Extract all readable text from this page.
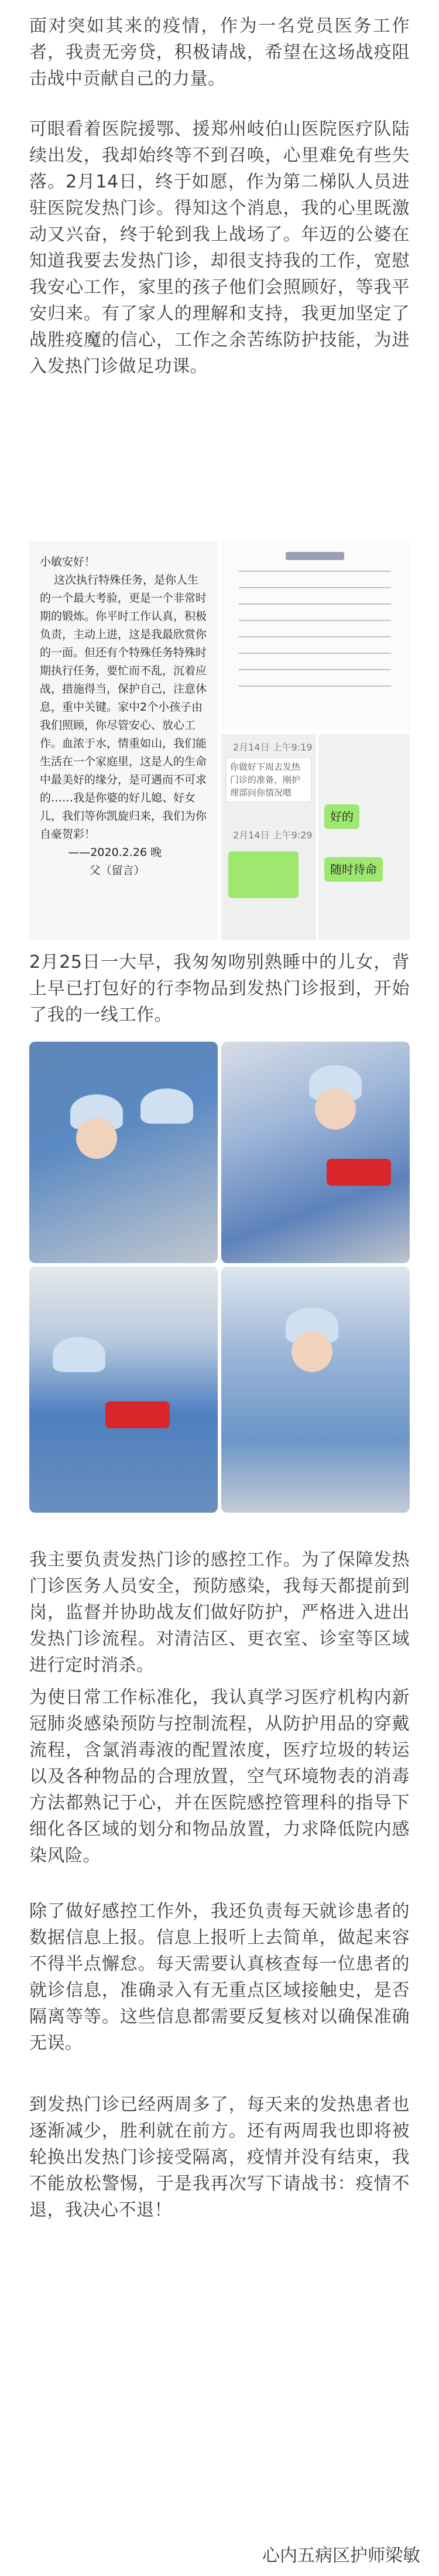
面对突如其来的疫情，作为一名党员医务工作者，我责无旁贷，积极请战，希望在这场战疫阻击战中贡献自己的力量。

可眼看着医院援鄂、援郑州岐伯山医院医疗队陆续出发，我却始终等不到召唤，心里难免有些失落。2月14日，终于如愿，作为第二梯队人员进驻医院发热门诊。得知这个消息，我的心里既激动又兴奋，终于轮到我上战场了。年迈的公婆在知道我要去发热门诊，却很支持我的工作，宽慰我安心工作，家里的孩子他们会照顾好，等我平安归来。有了家人的理解和支持，我更加坚定了战胜疫魔的信心，工作之余苦练防护技能，为进入发热门诊做足功课。

小敏安好！
这次执行特殊任务，是你人生的一个最大考验，更是一个非常时期的锻炼。你平时工作认真，积极负责，主动上进，这是我最欣赏你的一面。但还有个特殊任务特殊时期执行任务，要忙而不乱，沉着应战，措施得当，保护自己，注意休息，重中关键。家中2个小孩子由我们照顾，你尽管安心、放心工作。血浓于水，情重如山，我们能生活在一个家庭里，这是人的生命中最美好的缘分，是可遇而不可求的……我是你婆的好儿媳、好女儿，我们等你凯旋归来，我们为你自豪贺彩！
——2020.2.26 晚
父（留言）
2月14日 上午9:19
你做好下周去发热门诊的准备，刚护理部问你情况嗯
2月14日 上午9:29
好的
随时待命

2月25日一大早，我匆匆吻别熟睡中的儿女，背上早已打包好的行李物品到发热门诊报到，开始了我的一线工作。

我主要负责发热门诊的感控工作。为了保障发热门诊医务人员安全，预防感染，我每天都提前到岗，监督并协助战友们做好防护，严格进入进出发热门诊流程。对清洁区、更衣室、诊室等区域进行定时消杀。

为使日常工作标准化，我认真学习医疗机构内新冠肺炎感染预防与控制流程，从防护用品的穿戴流程，含氯消毒液的配置浓度，医疗垃圾的转运以及各种物品的合理放置，空气环境物表的消毒方法都熟记于心，并在医院感控管理科的指导下细化各区域的划分和物品放置，力求降低院内感染风险。

除了做好感控工作外，我还负责每天就诊患者的数据信息上报。信息上报听上去简单，做起来容不得半点懈怠。每天需要认真核查每一位患者的就诊信息，准确录入有无重点区域接触史，是否隔离等等。这些信息都需要反复核对以确保准确无误。

到发热门诊已经两周多了，每天来的发热患者也逐渐减少，胜利就在前方。还有两周我也即将被轮换出发热门诊接受隔离，疫情并没有结束，我不能放松警惕，于是我再次写下请战书：疫情不退，我决心不退！

心内五病区护师梁敏
